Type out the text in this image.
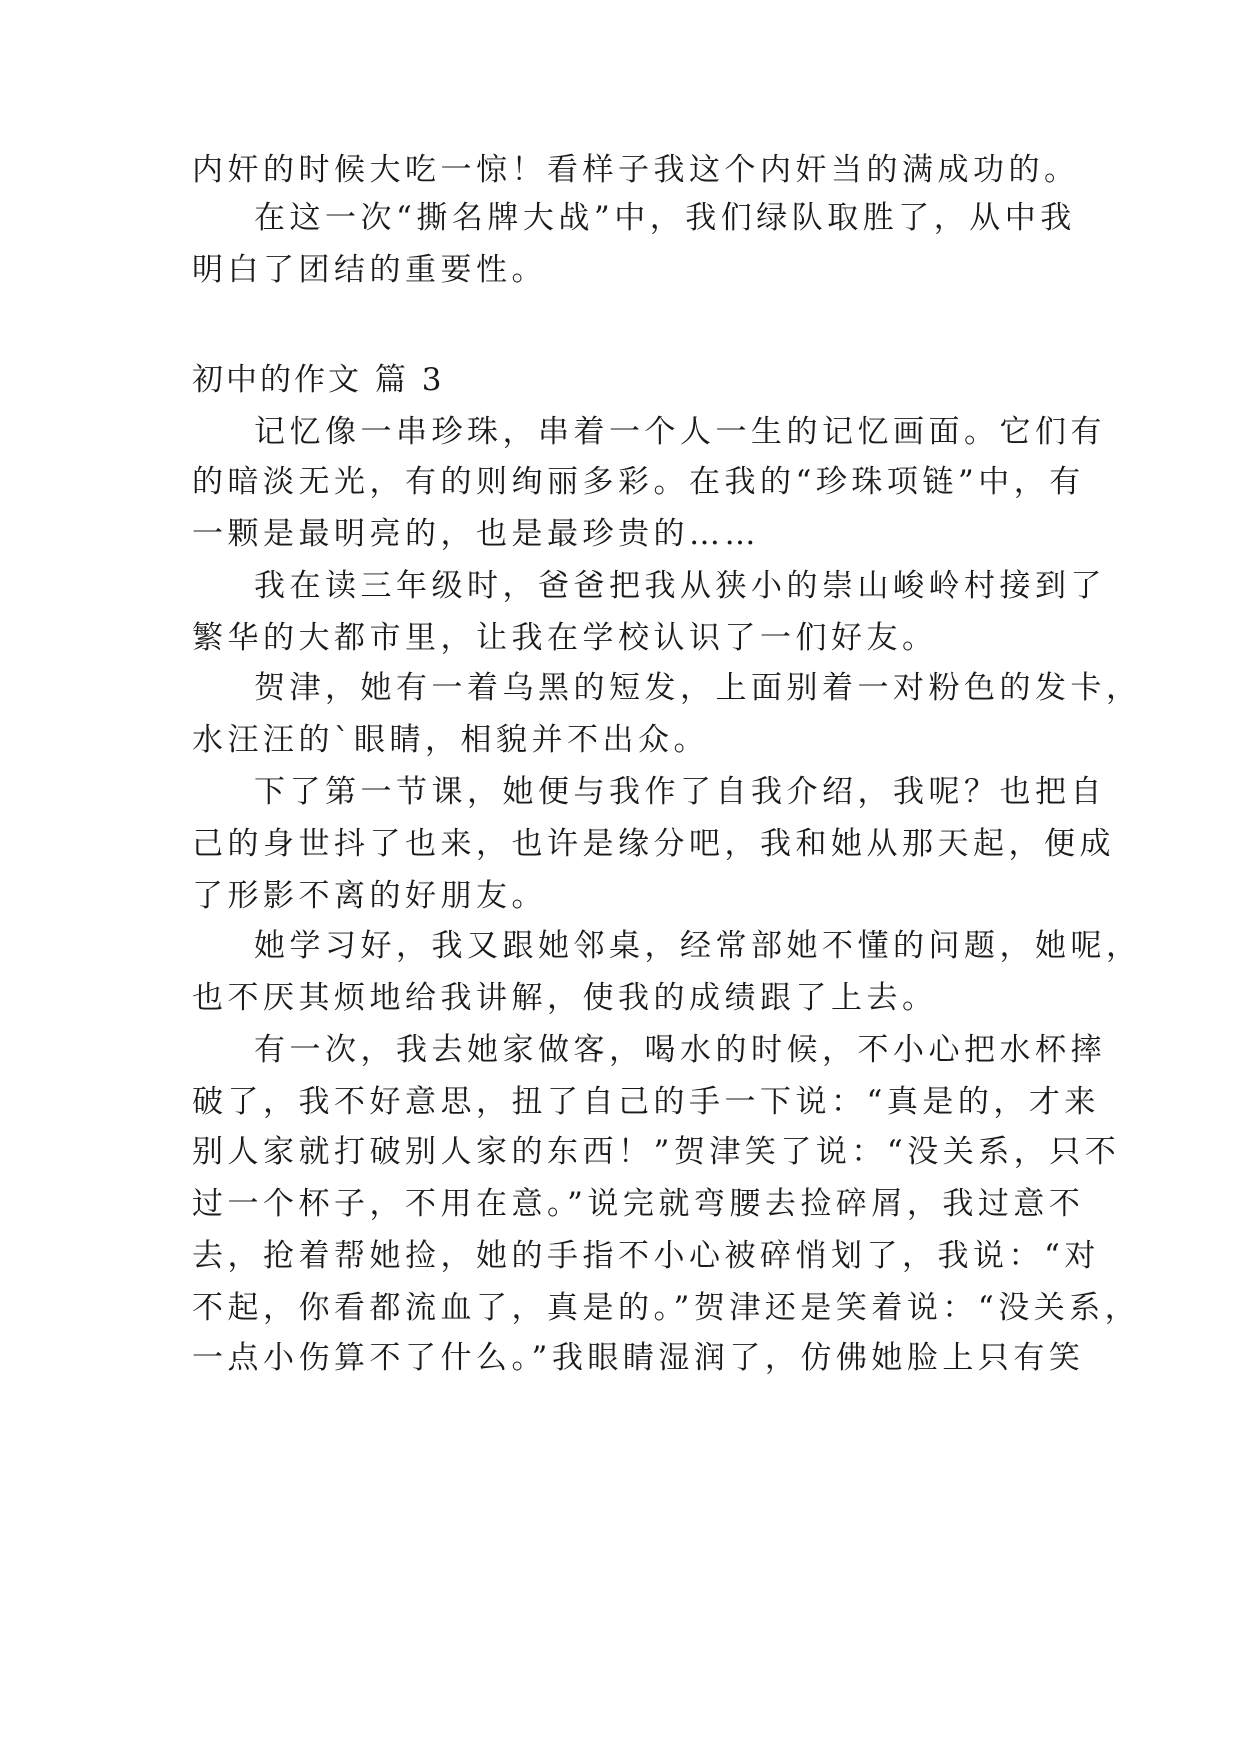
内奸的时候大吃一惊！看样子我这个内奸当的满成功的。
在这一次“撕名牌大战”中，我们绿队取胜了，从中我
明白了团结的重要性。
初中的作文 篇 3
记忆像一串珍珠，串着一个人一生的记忆画面。它们有
的暗淡无光，有的则绚丽多彩。在我的“珍珠项链”中，有
一颗是最明亮的，也是最珍贵的……
我在读三年级时，爸爸把我从狭小的崇山峻岭村接到了
繁华的大都市里，让我在学校认识了一们好友。
贺津，她有一着乌黑的短发，上面别着一对粉色的发卡，
水汪汪的`眼睛，相貌并不出众。
下了第一节课，她便与我作了自我介绍，我呢？也把自
己的身世抖了也来，也许是缘分吧，我和她从那天起，便成
了形影不离的好朋友。
她学习好，我又跟她邻桌，经常部她不懂的问题，她呢，
也不厌其烦地给我讲解，使我的成绩跟了上去。
有一次，我去她家做客，喝水的时候，不小心把水杯摔
破了，我不好意思，扭了自己的手一下说：“真是的，才来
别人家就打破别人家的东西！”贺津笑了说：“没关系，只不
过一个杯子，不用在意。”说完就弯腰去捡碎屑，我过意不
去，抢着帮她捡，她的手指不小心被碎悄划了，我说：“对
不起，你看都流血了，真是的。”贺津还是笑着说：“没关系，
一点小伤算不了什么。”我眼睛湿润了，仿佛她脸上只有笑
